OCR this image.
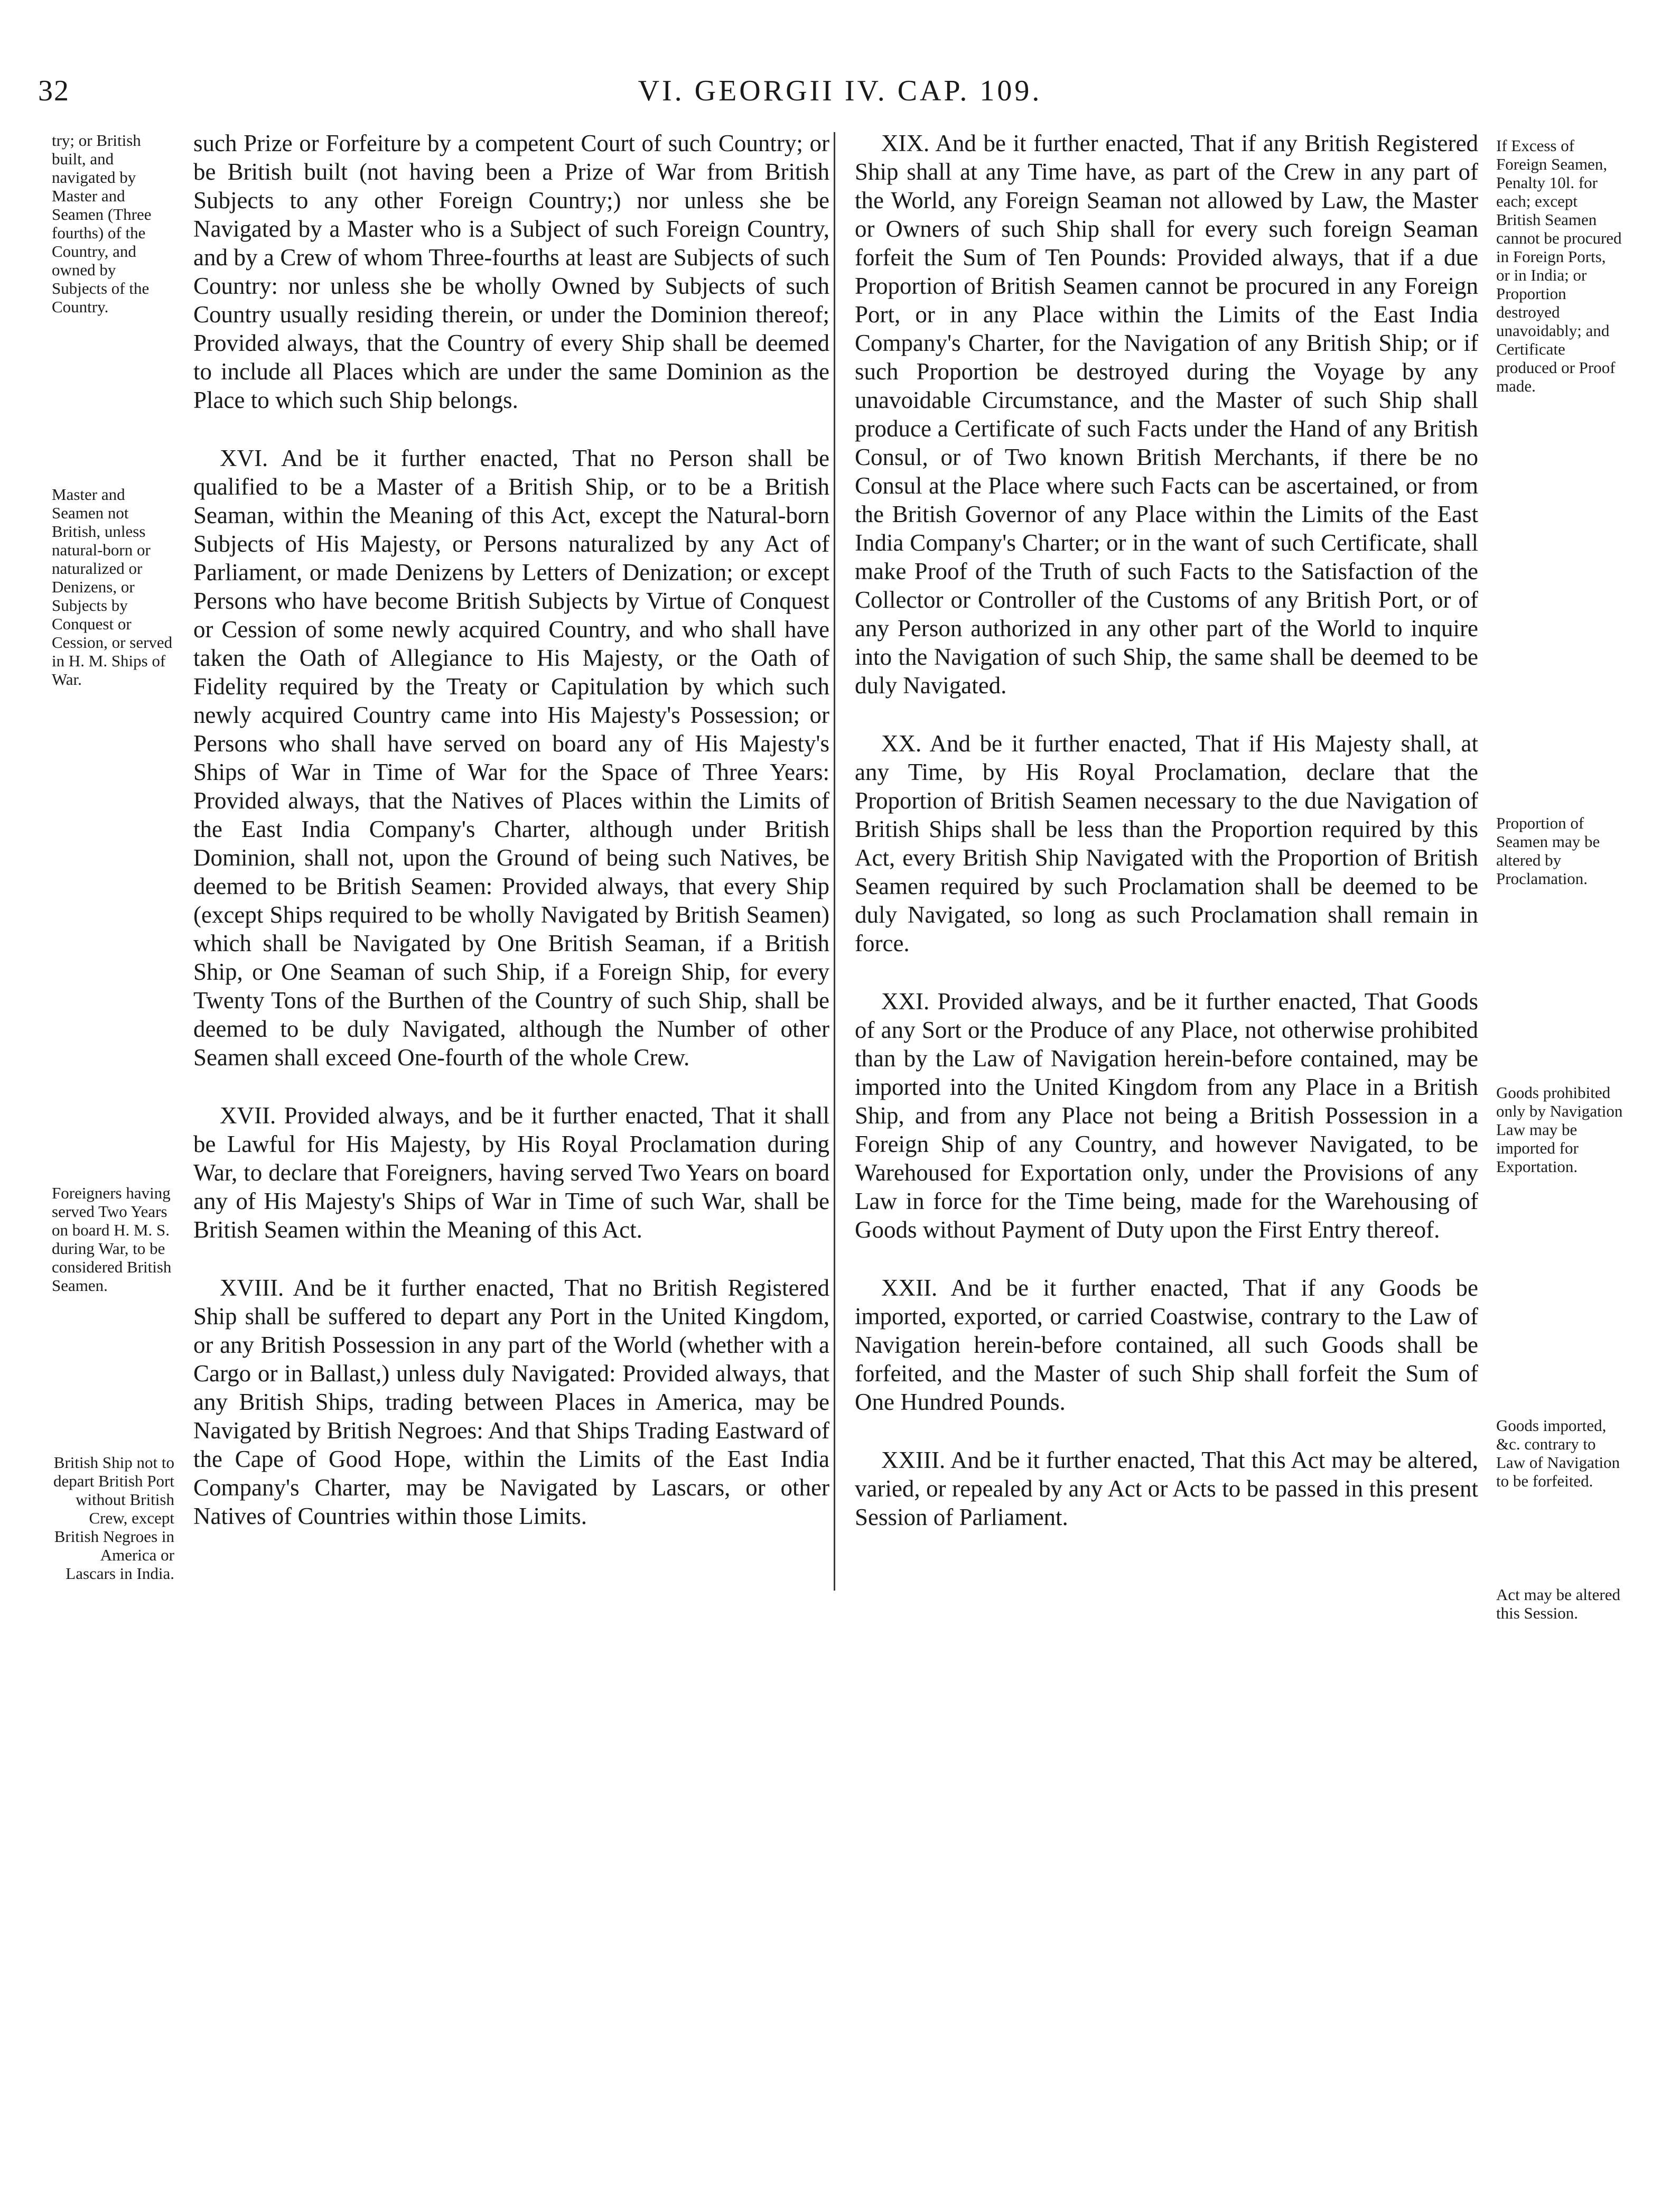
32	VI. GEORGII IV. CAP. 109.
try; or British built, and navigated by Master and Seamen (Three fourths) of the Country, and owned by Subjects of the Country.
Master and Seamen not British, unless natural-born or naturalized or Denizens, or Subjects by Conquest or Cession, or served in H. M. Ships of War.
Foreigners having served Two Years on board H. M. S. during War, to be considered British Seamen.
British Ship not to depart British Port without British Crew, except British Negroes in America or Lascars in India.

such Prize or Forfeiture by a competent Court of such Country; or be British built (not having been a Prize of War from British Subjects to any other Foreign Country;) nor unless she be Navigated by a Master who is a Subject of such Foreign Country, and by a Crew of whom Three-fourths at least are Subjects of such Country: nor unless she be wholly Owned by Subjects of such Country usually residing therein, or under the Dominion thereof; Provided always, that the Country of every Ship shall be deemed to include all Places which are under the same Dominion as the Place to which such Ship belongs.

XVI. And be it further enacted, That no Person shall be qualified to be a Master of a British Ship, or to be a British Seaman, within the Meaning of this Act, except the Natural-born Subjects of His Majesty, or Persons naturalized by any Act of Parliament, or made Denizens by Letters of Denization; or except Persons who have become British Subjects by Virtue of Conquest or Cession of some newly acquired Country, and who shall have taken the Oath of Allegiance to His Majesty, or the Oath of Fidelity required by the Treaty or Capitulation by which such newly acquired Country came into His Majesty's Possession; or Persons who shall have served on board any of His Majesty's Ships of War in Time of War for the Space of Three Years: Provided always, that the Natives of Places within the Limits of the East India Company's Charter, although under British Dominion, shall not, upon the Ground of being such Natives, be deemed to be British Seamen: Provided always, that every Ship (except Ships required to be wholly Navigated by British Seamen) which shall be Navigated by One British Seaman, if a British Ship, or One Seaman of such Ship, if a Foreign Ship, for every Twenty Tons of the Burthen of the Country of such Ship, shall be deemed to be duly Navigated, although the Number of other Seamen shall exceed One-fourth of the whole Crew.

XVII. Provided always, and be it further enacted, That it shall be Lawful for His Majesty, by His Royal Proclamation during War, to declare that Foreigners, having served Two Years on board any of His Majesty's Ships of War in Time of such War, shall be British Seamen within the Meaning of this Act.

XVIII. And be it further enacted, That no British Registered Ship shall be suffered to depart any Port in the United Kingdom, or any British Possession in any part of the World (whether with a Cargo or in Ballast,) unless duly Navigated: Provided always, that any British Ships, trading between Places in America, may be Navigated by British Negroes: And that Ships Trading Eastward of the Cape of Good Hope, within the Limits of the East India Company's Charter, may be Navigated by Lascars, or other Natives of Countries within those Limits.

XIX. And be it further enacted, That if any British Registered Ship shall at any Time have, as part of the Crew in any part of the World, any Foreign Seaman not allowed by Law, the Master or Owners of such Ship shall for every such foreign Seaman forfeit the Sum of Ten Pounds: Provided always, that if a due Proportion of British Seamen cannot be procured in any Foreign Port, or in any Place within the Limits of the East India Company's Charter, for the Navigation of any British Ship; or if such Proportion be destroyed during the Voyage by any unavoidable Circumstance, and the Master of such Ship shall produce a Certificate of such Facts under the Hand of any British Consul, or of Two known British Merchants, if there be no Consul at the Place where such Facts can be ascertained, or from the British Governor of any Place within the Limits of the East India Company's Charter; or in the want of such Certificate, shall make Proof of the Truth of such Facts to the Satisfaction of the Collector or Controller of the Customs of any British Port, or of any Person authorized in any other part of the World to inquire into the Navigation of such Ship, the same shall be deemed to be duly Navigated.

XX. And be it further enacted, That if His Majesty shall, at any Time, by His Royal Proclamation, declare that the Proportion of British Seamen necessary to the due Navigation of British Ships shall be less than the Proportion required by this Act, every British Ship Navigated with the Proportion of British Seamen required by such Proclamation shall be deemed to be duly Navigated, so long as such Proclamation shall remain in force.

XXI. Provided always, and be it further enacted, That Goods of any Sort or the Produce of any Place, not otherwise prohibited than by the Law of Navigation herein-before contained, may be imported into the United Kingdom from any Place in a British Ship, and from any Place not being a British Possession in a Foreign Ship of any Country, and however Navigated, to be Warehoused for Exportation only, under the Provisions of any Law in force for the Time being, made for the Warehousing of Goods without Payment of Duty upon the First Entry thereof.

XXII. And be it further enacted, That if any Goods be imported, exported, or carried Coastwise, contrary to the Law of Navigation herein-before contained, all such Goods shall be forfeited, and the Master of such Ship shall forfeit the Sum of One Hundred Pounds.

XXIII. And be it further enacted, That this Act may be altered, varied, or repealed by any Act or Acts to be passed in this present Session of Parliament.

If Excess of Foreign Seamen, Penalty 10l. for each; except British Seamen cannot be procured in Foreign Ports, or in India; or Proportion destroyed unavoidably; and Certificate produced or Proof made.
Proportion of Seamen may be altered by Proclamation.
Goods prohibited only by Navigation Law may be imported for Exportation.
Goods imported, &c. contrary to Law of Navigation to be forfeited.
Act may be altered this Session.
